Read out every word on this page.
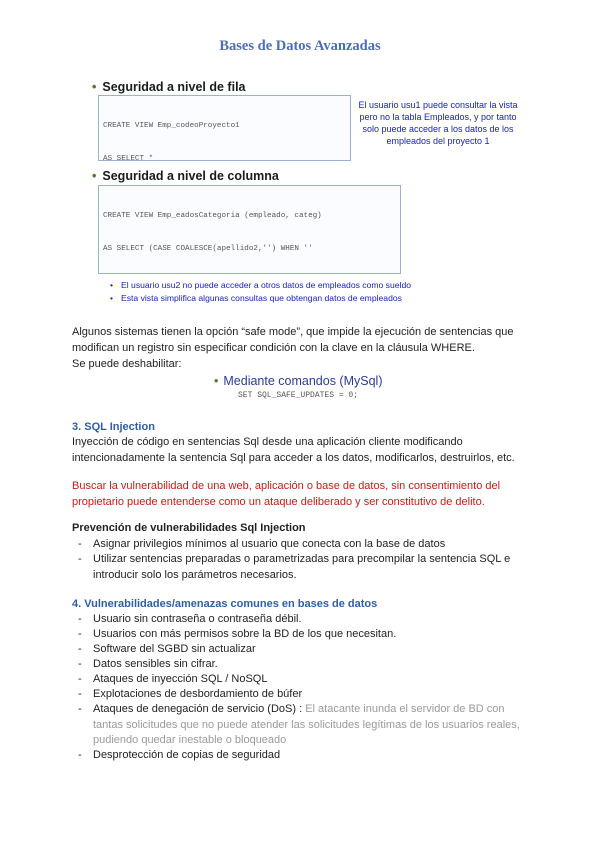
Bases de Datos Avanzadas
• Seguridad a nivel de fila

CREATE VIEW Emp_codeoProyecto1

AS SELECT *

El usuario usu1 puede consultar la vista pero no la tabla Empleados, y por tanto solo puede acceder a los datos de los empleados del proyecto 1
• Seguridad a nivel de columna

CREATE VIEW Emp_eadosCategoria (empleado, categ)

AS SELECT (CASE COALESCE(apellido2,'') WHEN ''

• El usuario usu2 no puede acceder a otros datos de empleados como sueldo
• Esta vista simplifica algunas consultas que obtengan datos de empleados
Algunos sistemas tienen la opción “safe mode”, que impide la ejecución de sentencias que modifican un registro sin especificar condición con la clave en la cláusula WHERE.
Se puede deshabilitar:
• Mediante comandos (MySql)
SET SQL_SAFE_UPDATES = 0;
3. SQL Injection
Inyección de código en sentencias Sql desde una aplicación cliente modificando intencionadamente la sentencia Sql para acceder a los datos, modificarlos, destruirlos, etc.
Buscar la vulnerabilidad de una web, aplicación o base de datos, sin consentimiento del propietario puede entenderse como un ataque deliberado y ser constitutivo de delito.
Prevención de vulnerabilidades Sql Injection
- Asignar privilegios mínimos al usuario que conecta con la base de datos
- Utilizar sentencias preparadas o parametrizadas para precompilar la sentencia SQL e introducir solo los parámetros necesarios.
4. Vulnerabilidades/amenazas comunes en bases de datos
- Usuario sin contraseña o contraseña débil.
- Usuarios con más permisos sobre la BD de los que necesitan.
- Software del SGBD sin actualizar
- Datos sensibles sin cifrar.
- Ataques de inyección SQL / NoSQL
- Explotaciones de desbordamiento de búfer
- Ataques de denegación de servicio (DoS) : El atacante inunda el servidor de BD con tantas solicitudes que no puede atender las solicitudes legítimas de los usuarios reales, pudiendo quedar inestable o bloqueado
- Desprotección de copias de seguridad
